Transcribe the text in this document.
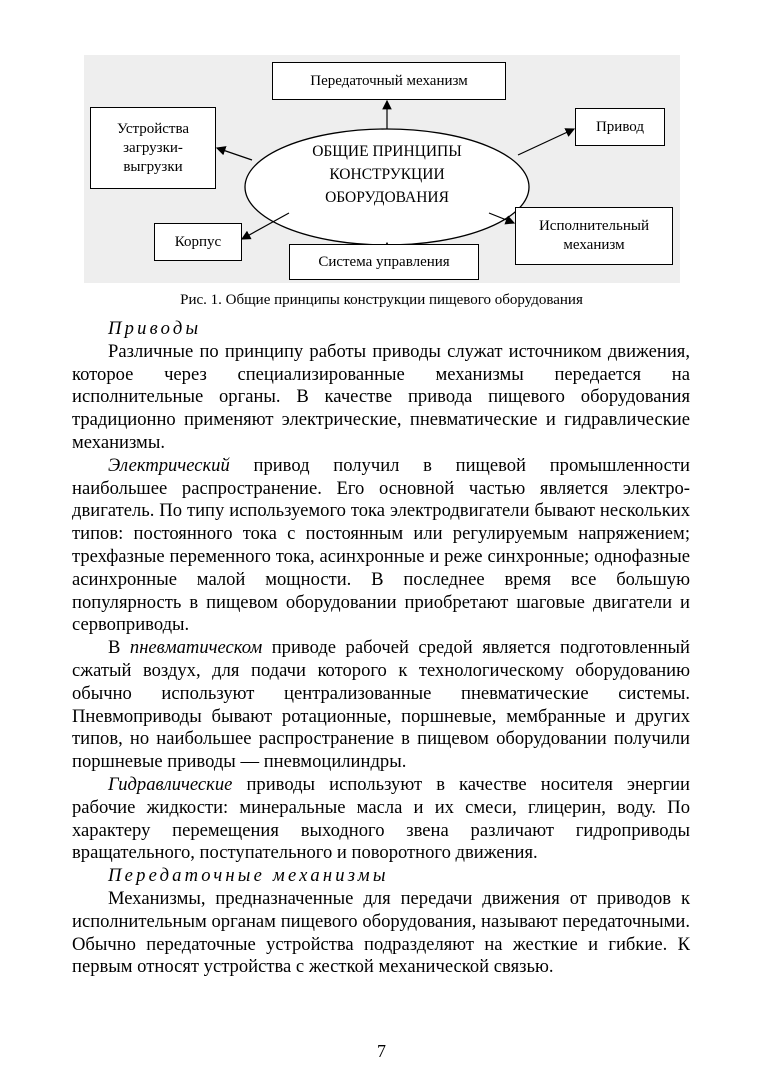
Передаточный механизм
Устройства
загрузки-
выгрузки
Привод
Корпус
Система управления
Исполнительный
механизм
ОБЩИЕ ПРИНЦИПЫ
КОНСТРУКЦИИ
ОБОРУДОВАНИЯ
Рис. 1. Общие принципы конструкции пищевого оборудования

Приводы

Различные по принципу работы приводы служат источником движения, которое через специализированные механизмы передается на исполнительные органы. В качестве привода пищевого оборудования традиционно применяют электрические, пневматические и гидравлические механизмы.

Электрический привод получил в пищевой промышленности наибольшее распространение. Его основной частью является электродвигатель. По типу используемого тока электродвигатели бывают нескольких типов: постоянного тока с постоянным или регулируемым напряжением; трехфазные переменного тока, асинхронные и реже синхронные; однофазные асинхронные малой мощности. В последнее время все большую популярность в пищевом оборудовании приобретают шаговые двигатели и сервоприводы.

В пневматическом приводе рабочей средой является подготовленный сжатый воздух, для подачи которого к технологическому оборудованию обычно используют централизованные пневматические системы. Пневмоприводы бывают ротационные, поршневые, мембранные и других типов, но наибольшее распространение в пищевом оборудовании получили поршневые приводы — пневмоцилиндры.

Гидравлические приводы используют в качестве носителя энергии рабочие жидкости: минеральные масла и их смеси, глицерин, воду. По характеру перемещения выходного звена различают гидроприводы вращательного, поступательного и поворотного движения.

Передаточные механизмы

Механизмы, предназначенные для передачи движения от приводов к исполнительным органам пищевого оборудования, называют передаточными. Обычно передаточные устройства подразделяют на жесткие и гибкие. К первым относят устройства с жесткой механической связью.

7
